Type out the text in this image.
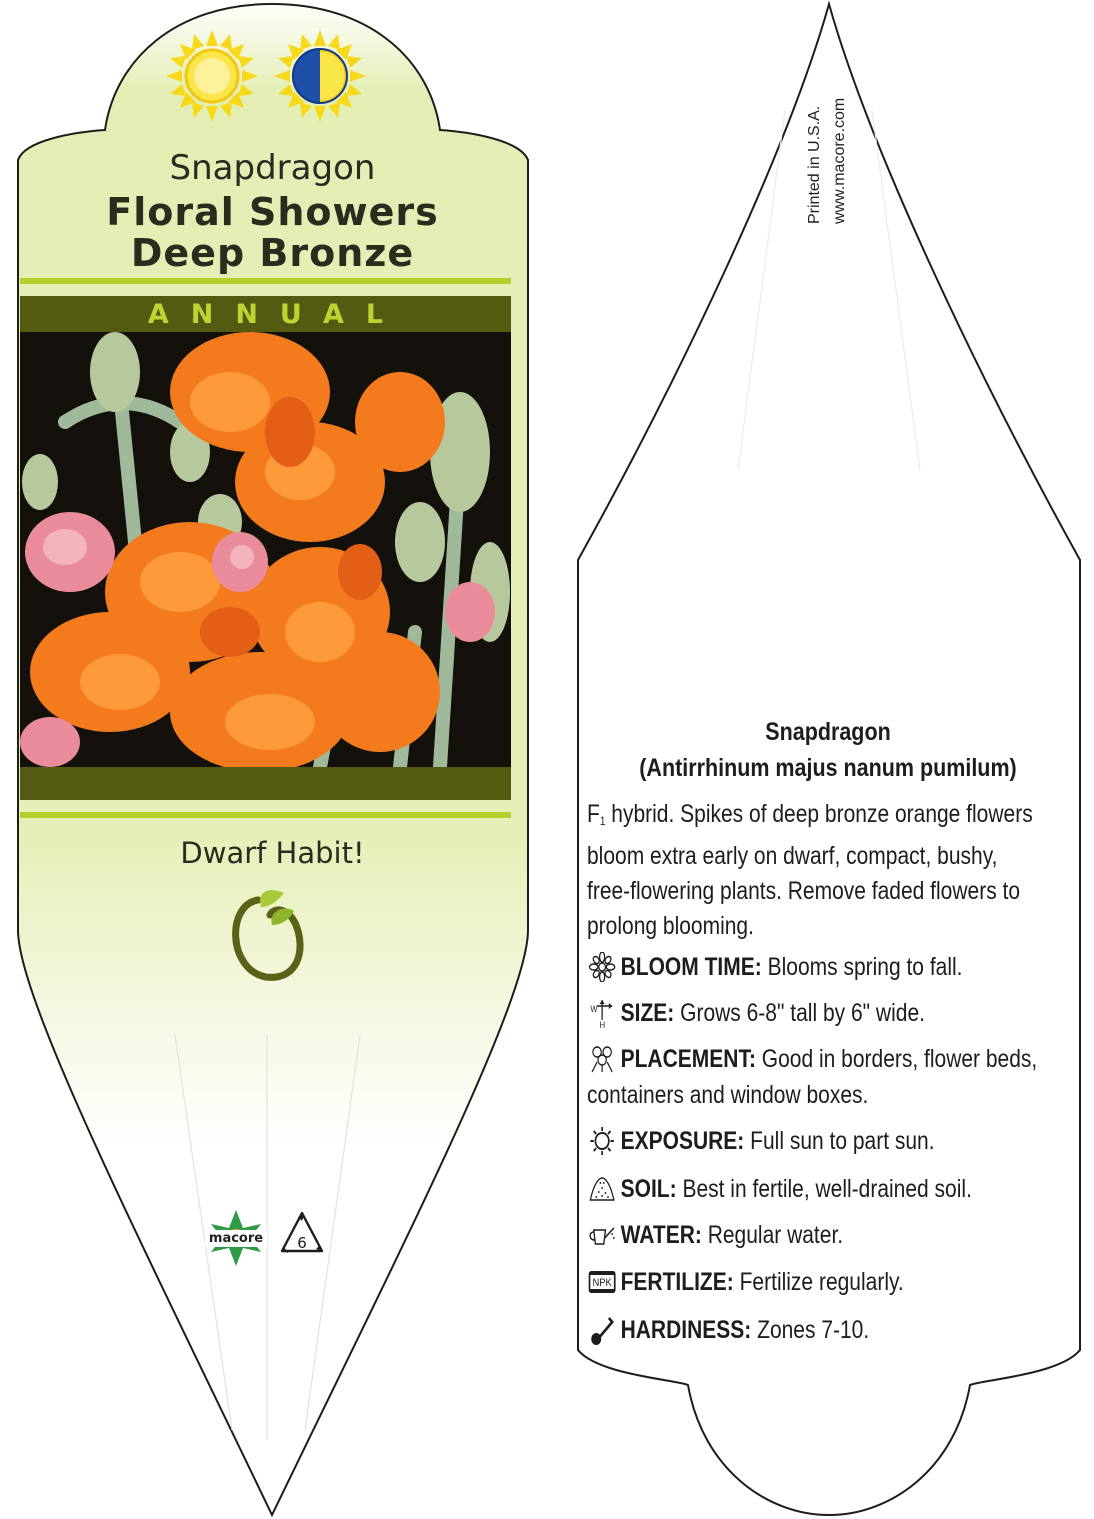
Snapdragon
Floral Showers
Deep Bronze
ANNUAL
Dwarf Habit!
macore 6
Printed in U.S.A. www.macore.com
Snapdragon
(Antirrhinum majus nanum pumilum)
$F_1$ hybrid. Spikes of deep bronze orange flowers bloom extra early on dwarf, compact, bushy, free-flowering plants. Remove faded flowers to prolong blooming.
BLOOM TIME: Blooms spring to fall.
W
H SIZE: Grows 6-8" tall by 6" wide.
PLACEMENT: Good in borders, flower beds,
containers and window boxes.
EXPOSURE: Full sun to part sun.
SOIL: Best in fertile, well-drained soil.
WATER: Regular water.
NPK FERTILIZE: Fertilize regularly.
HARDINESS: Zones 7-10.
